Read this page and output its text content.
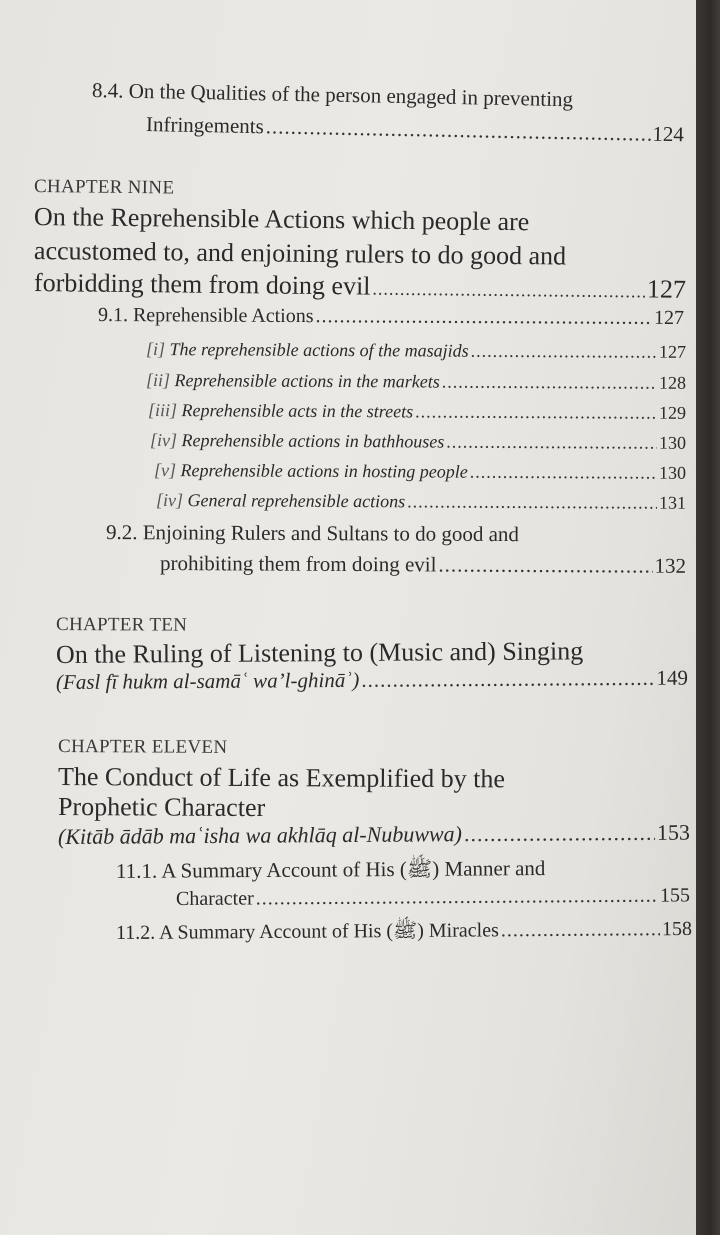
8.4. On the Qualities of the person engaged in preventing
Infringements .....	124
CHAPTER NINE
On the Reprehensible Actions which people are
accustomed to, and enjoining rulers to do good and
forbidding them from doing evil .....	127
9.1. Reprehensible Actions .....	127
[i]
The reprehensible actions of the masajids .....	127
[ii]
Reprehensible actions in the markets .....	128
[iii]
Reprehensible acts in the streets .....	129
[iv]
Reprehensible actions in bathhouses .....	130
[v]
Reprehensible actions in hosting people .....	130
[iv]
General reprehensible actions .....	131
9.2. Enjoining Rulers and Sultans to do good and
prohibiting them from doing evil .....	132
CHAPTER TEN
On the Ruling of Listening to (Music and) Singing
(Fasl fī hukm al-samāʿ wa’l-ghināʾ) .....	149
CHAPTER ELEVEN
The Conduct of Life as Exemplified by the
Prophetic Character
(Kitāb ādāb maʿisha wa akhlāq al-Nubuwwa) .....	153
11.1. A Summary Account of His (ﷺ) Manner and
Character .....	155
11.2. A Summary Account of His (ﷺ) Miracles .....	158
